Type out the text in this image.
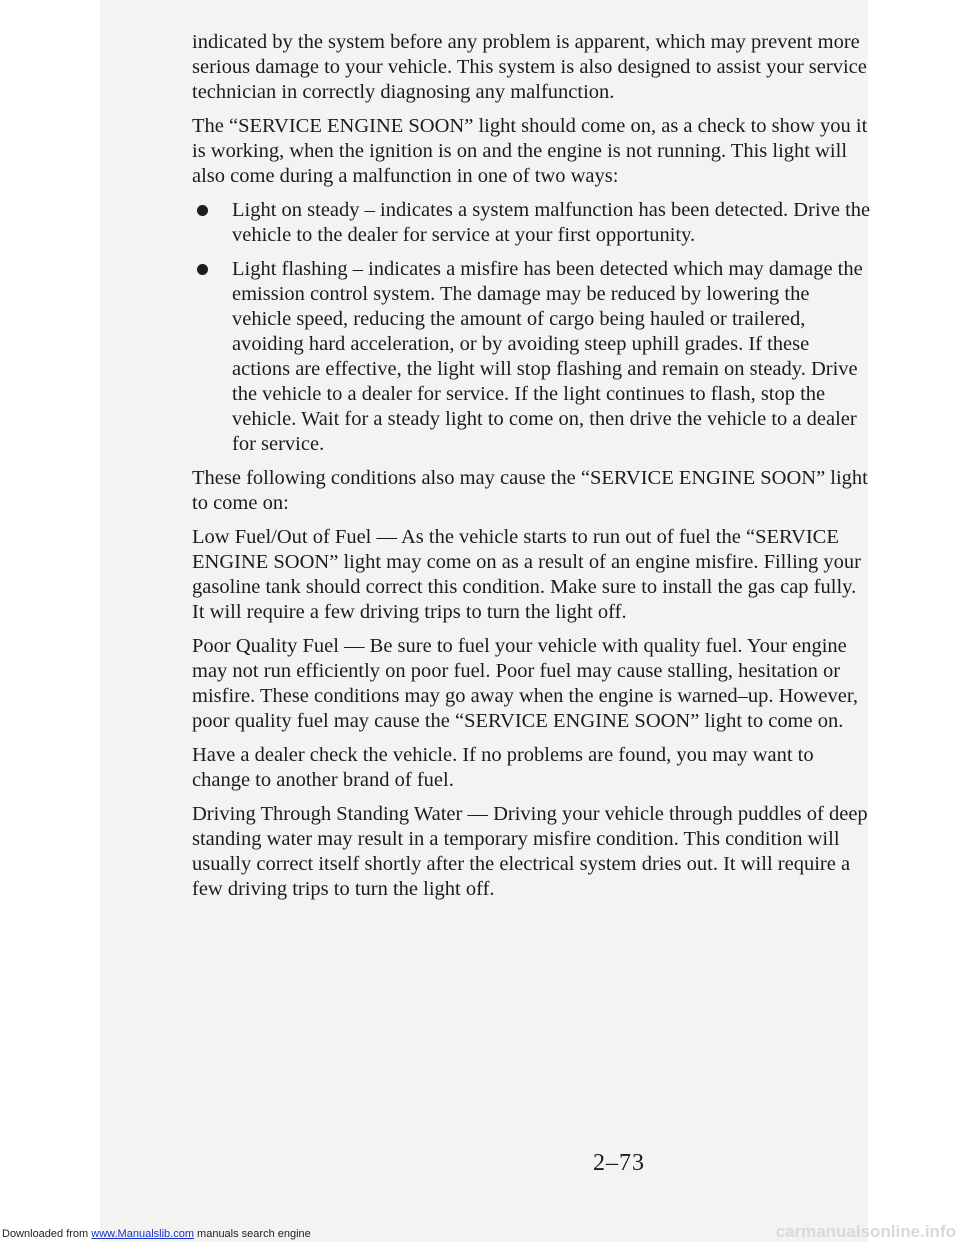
indicated by the system before any problem is apparent, which may prevent more serious damage to your vehicle. This system is also designed to assist your service technician in correctly diagnosing any malfunction.

The “SERVICE ENGINE SOON” light should come on, as a check to show you it is working, when the ignition is on and the engine is not running. This light will also come during a malfunction in one of two ways:

Light on steady – indicates a system malfunction has been detected. Drive the vehicle to the dealer for service at your first opportunity.
Light flashing – indicates a misfire has been detected which may damage the emission control system. The damage may be reduced by lowering the vehicle speed, reducing the amount of cargo being hauled or trailered, avoiding hard acceleration, or by avoiding steep uphill grades. If these actions are effective, the light will stop flashing and remain on steady. Drive the vehicle to a dealer for service. If the light continues to flash, stop the vehicle. Wait for a steady light to come on, then drive the vehicle to a dealer for service.

These following conditions also may cause the “SERVICE ENGINE SOON” light to come on:

Low Fuel/Out of Fuel — As the vehicle starts to run out of fuel the “SERVICE ENGINE SOON” light may come on as a result of an engine misfire. Filling your gasoline tank should correct this condition. Make sure to install the gas cap fully. It will require a few driving trips to turn the light off.

Poor Quality Fuel — Be sure to fuel your vehicle with quality fuel. Your engine may not run efficiently on poor fuel. Poor fuel may cause stalling, hesitation or misfire. These conditions may go away when the engine is warned–up. However, poor quality fuel may cause the “SERVICE ENGINE SOON” light to come on.

Have a dealer check the vehicle. If no problems are found, you may want to change to another brand of fuel.

Driving Through Standing Water — Driving your vehicle through puddles of deep standing water may result in a temporary misfire condition. This condition will usually correct itself shortly after the electrical system dries out. It will require a few driving trips to turn the light off.

2–73
Downloaded from www.Manualslib.com manuals search engine	carmanualsonline.info
